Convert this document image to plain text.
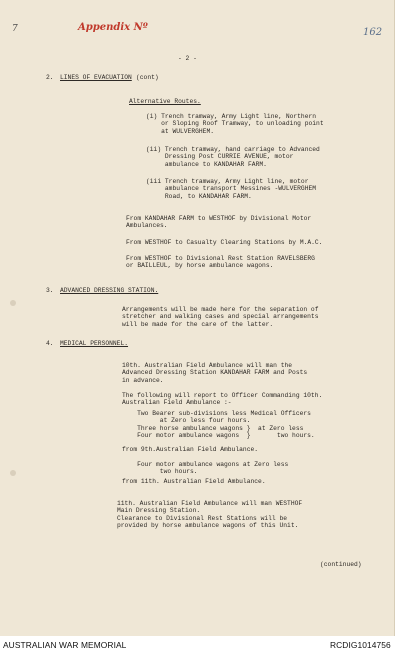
7	Appendix Nº	162
- 2 -
2. LINES OF EVACUATION (cont)
Alternative Routes.
(i) Trench tramway, Army Light line, Northern
or Sloping Roof Tramway, to unloading point
at WULVERGHEM.
(ii) Trench tramway, hand carriage to Advanced
Dressing Post CURRIE AVENUE, motor
ambulance to KANDAHAR FARM.
(iii Trench tramway, Army Light line, motor
ambulance transport Messines -WULVERGHEM
Road, to KANDAHAR FARM.
From KANDAHAR FARM to WESTHOF by Divisional Motor
Ambulances.
From WESTHOF to Casualty Clearing Stations by M.A.C.
From WESTHOF to Divisional Rest Station RAVELSBERG
or BAILLEUL, by horse ambulance wagons.
3. ADVANCED DRESSING STATION.
Arrangements will be made here for the separation of
stretcher and walking cases and special arrangements
will be made for the care of the latter.
4. MEDICAL PERSONNEL.
10th. Australian Field Ambulance will man the
Advanced Dressing Station KANDAHAR FARM and Posts
in advance.
The following will report to Officer Commanding 10th.
Australian Field Ambulance :-
Two Bearer sub-divisions less Medical Officers
at Zero less four hours.
Three horse ambulance wagons }  at Zero less
Four motor ambulance wagons  }       two hours.
from 9th.Australian Field Ambulance.
Four motor ambulance wagons at Zero less
two hours.
from 11th. Australian Field Ambulance.
11th. Australian Field Ambulance will man WESTHOF
Main Dressing Station.
Clearance to Divisional Rest Stations will be
provided by horse ambulance wagons of this Unit.
(continued)
AUSTRALIAN WAR MEMORIAL	RCDIG1014756
